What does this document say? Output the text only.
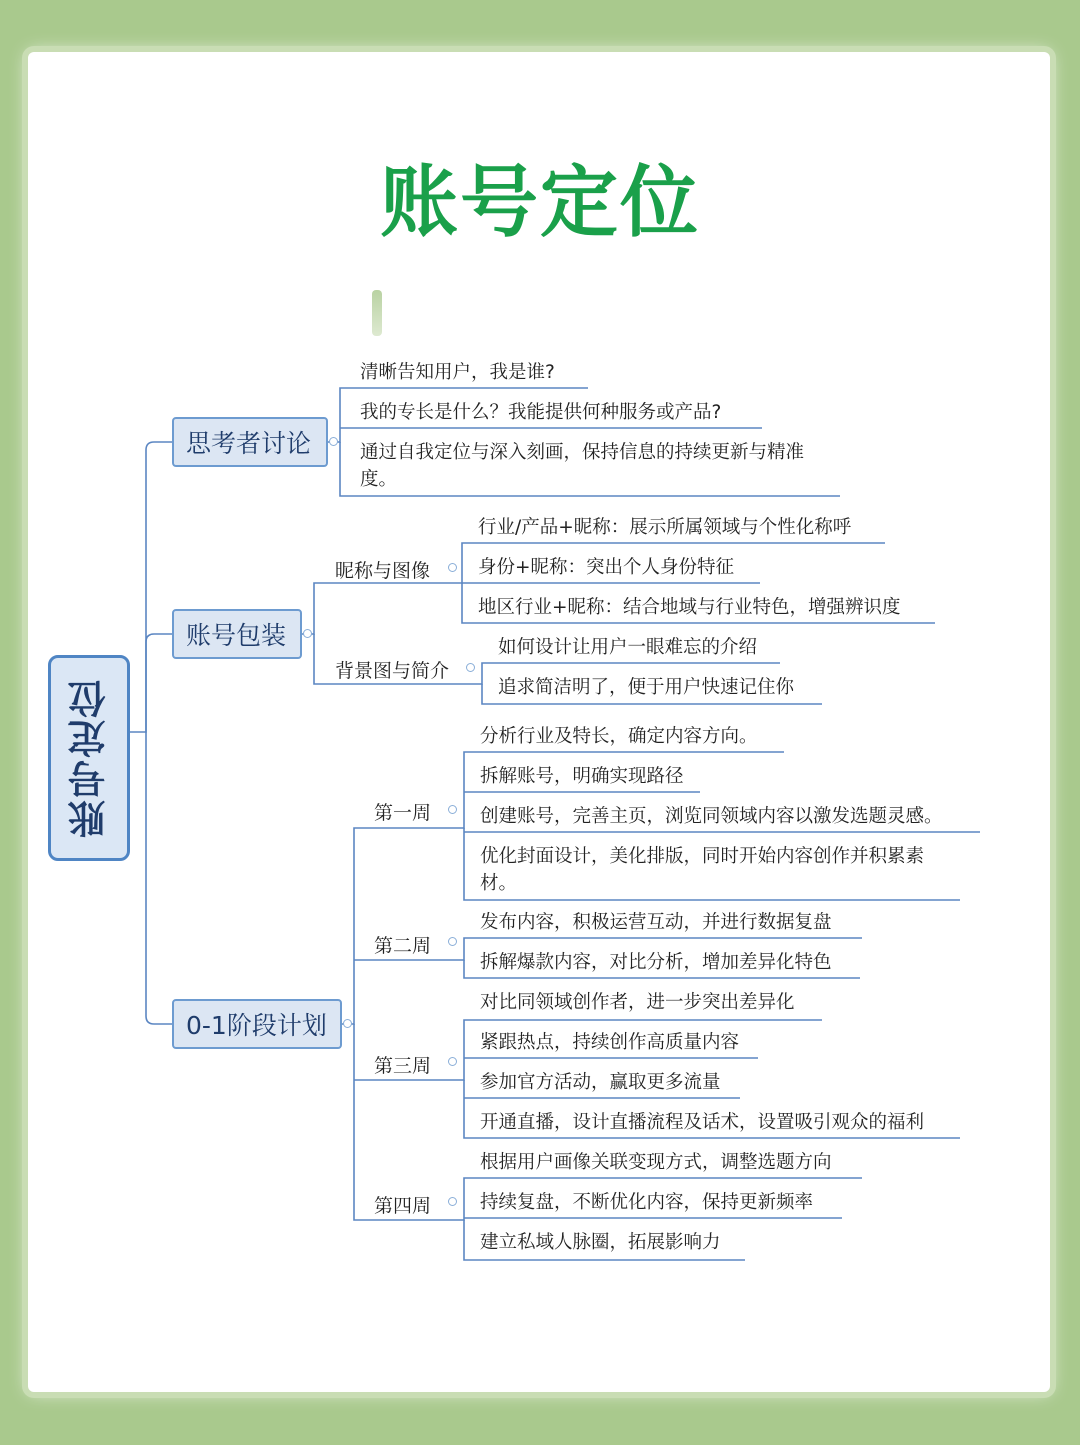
账号定位
账号定位
思考者讨论
账号包装
0-1阶段计划
清晰告知用户，我是谁?
我的专长是什么？我能提供何种服务或产品?
通过自我定位与深入刻画，保持信息的持续更新与精准度。
昵称与图像
背景图与简介
行业/产品+昵称：展示所属领域与个性化称呼
身份+昵称：突出个人身份特征
地区行业+昵称：结合地域与行业特色，增强辨识度
如何设计让用户一眼难忘的介绍
追求简洁明了，便于用户快速记住你
第一周
第二周
第三周
第四周
分析行业及特长，确定内容方向。
拆解账号，明确实现路径
创建账号，完善主页，浏览同领域内容以激发选题灵感。
优化封面设计，美化排版，同时开始内容创作并积累素材。
发布内容，积极运营互动，并进行数据复盘
拆解爆款内容，对比分析，增加差异化特色
对比同领域创作者，进一步突出差异化
紧跟热点，持续创作高质量内容
参加官方活动，赢取更多流量
开通直播，设计直播流程及话术，设置吸引观众的福利
根据用户画像关联变现方式，调整选题方向
持续复盘，不断优化内容，保持更新频率
建立私域人脉圈，拓展影响力
